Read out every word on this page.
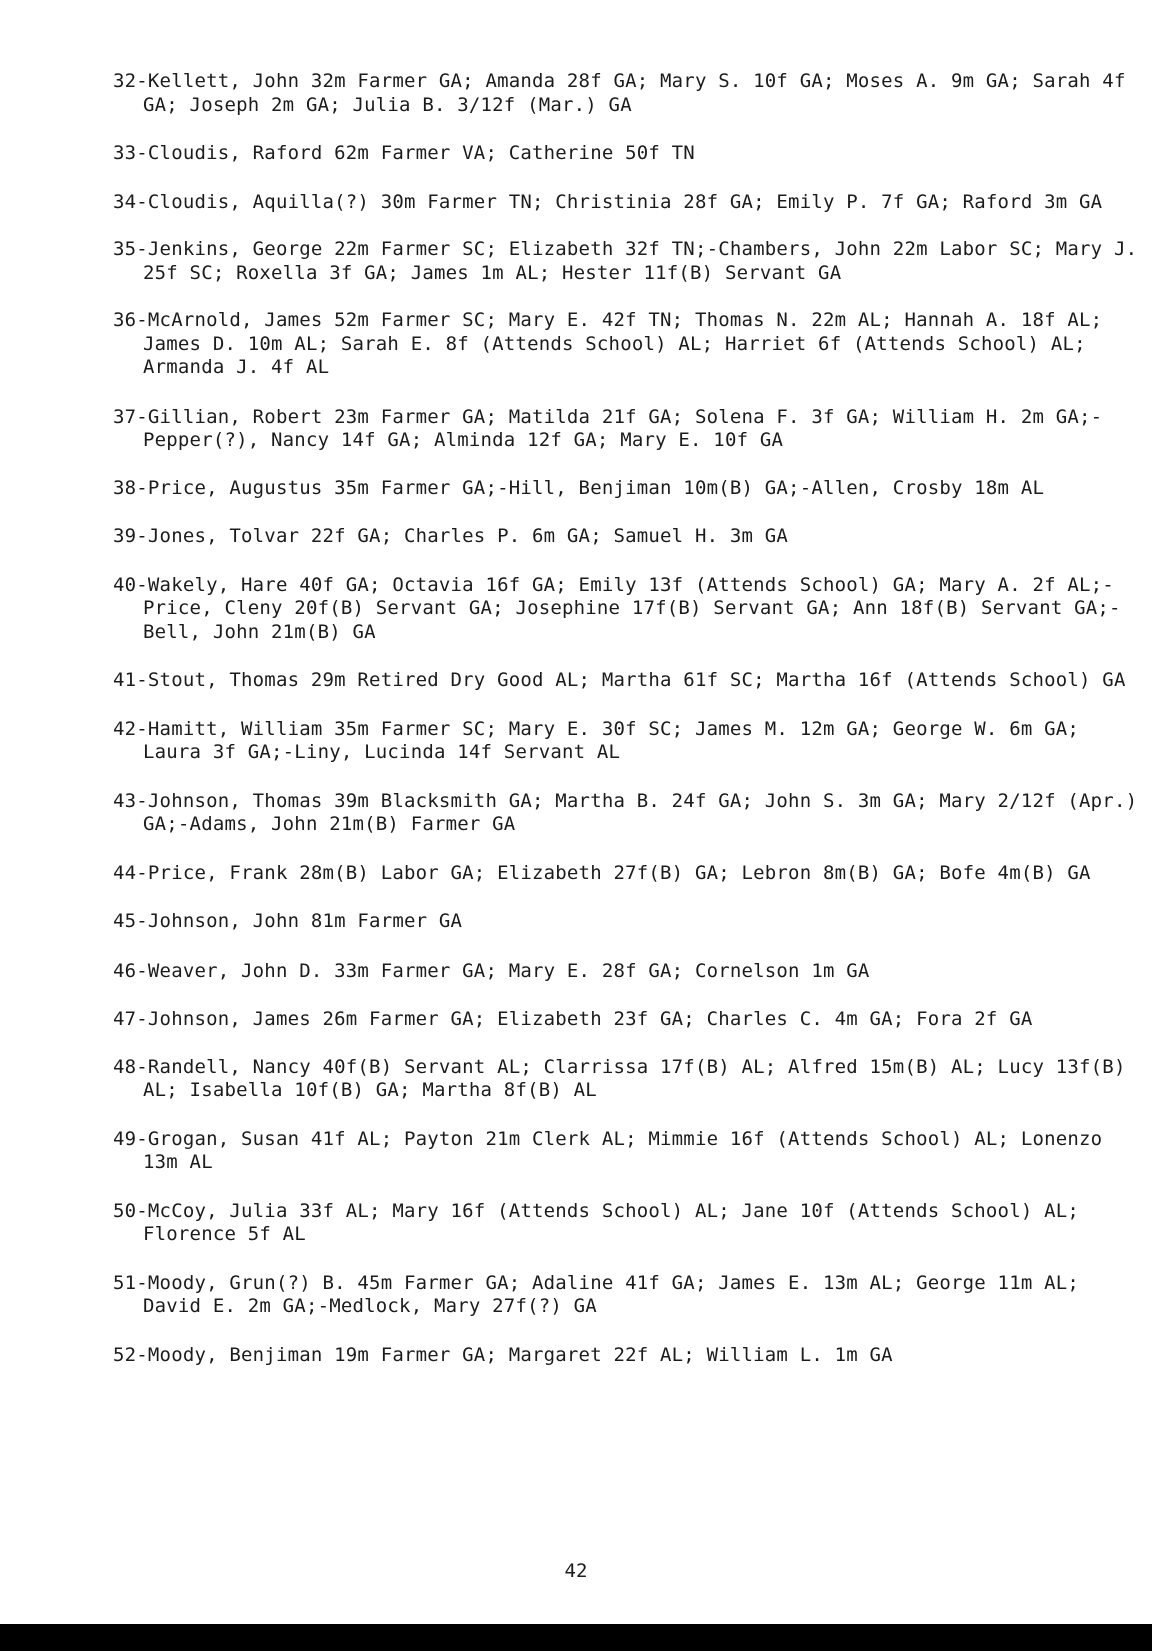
32-Kellett, John 32m Farmer GA; Amanda 28f GA; Mary S. 10f GA; Moses A. 9m GA; Sarah 4f GA; Joseph 2m GA; Julia B. 3/12f (Mar.) GA

33-Cloudis, Raford 62m Farmer VA; Catherine 50f TN

34-Cloudis, Aquilla(?) 30m Farmer TN; Christinia 28f GA; Emily P. 7f GA; Raford 3m GA

35-Jenkins, George 22m Farmer SC; Elizabeth 32f TN;-Chambers, John 22m Labor SC; Mary J. 25f SC; Roxella 3f GA; James 1m AL; Hester 11f(B) Servant GA

36-McArnold, James 52m Farmer SC; Mary E. 42f TN; Thomas N. 22m AL; Hannah A. 18f AL; James D. 10m AL; Sarah E. 8f (Attends School) AL; Harriet 6f (Attends School) AL; Armanda J. 4f AL

37-Gillian, Robert 23m Farmer GA; Matilda 21f GA; Solena F. 3f GA; William H. 2m GA;-Pepper(?), Nancy 14f GA; Alminda 12f GA; Mary E. 10f GA

38-Price, Augustus 35m Farmer GA;-Hill, Benjiman 10m(B) GA;-Allen, Crosby 18m AL

39-Jones, Tolvar 22f GA; Charles P. 6m GA; Samuel H. 3m GA

40-Wakely, Hare 40f GA; Octavia 16f GA; Emily 13f (Attends School) GA; Mary A. 2f AL;-Price, Cleny 20f(B) Servant GA; Josephine 17f(B) Servant GA; Ann 18f(B) Servant GA;-Bell, John 21m(B) GA

41-Stout, Thomas 29m Retired Dry Good AL; Martha 61f SC; Martha 16f (Attends School) GA

42-Hamitt, William 35m Farmer SC; Mary E. 30f SC; James M. 12m GA; George W. 6m GA; Laura 3f GA;-Liny, Lucinda 14f Servant AL

43-Johnson, Thomas 39m Blacksmith GA; Martha B. 24f GA; John S. 3m GA; Mary 2/12f (Apr.) GA;-Adams, John 21m(B) Farmer GA

44-Price, Frank 28m(B) Labor GA; Elizabeth 27f(B) GA; Lebron 8m(B) GA; Bofe 4m(B) GA

45-Johnson, John 81m Farmer GA

46-Weaver, John D. 33m Farmer GA; Mary E. 28f GA; Cornelson 1m GA

47-Johnson, James 26m Farmer GA; Elizabeth 23f GA; Charles C. 4m GA; Fora 2f GA

48-Randell, Nancy 40f(B) Servant AL; Clarrissa 17f(B) AL; Alfred 15m(B) AL; Lucy 13f(B) AL; Isabella 10f(B) GA; Martha 8f(B) AL

49-Grogan, Susan 41f AL; Payton 21m Clerk AL; Mimmie 16f (Attends School) AL; Lonenzo 13m AL

50-McCoy, Julia 33f AL; Mary 16f (Attends School) AL; Jane 10f (Attends School) AL; Florence 5f AL

51-Moody, Grun(?) B. 45m Farmer GA; Adaline 41f GA; James E. 13m AL; George 11m AL; David E. 2m GA;-Medlock, Mary 27f(?) GA

52-Moody, Benjiman 19m Farmer GA; Margaret 22f AL; William L. 1m GA

42
